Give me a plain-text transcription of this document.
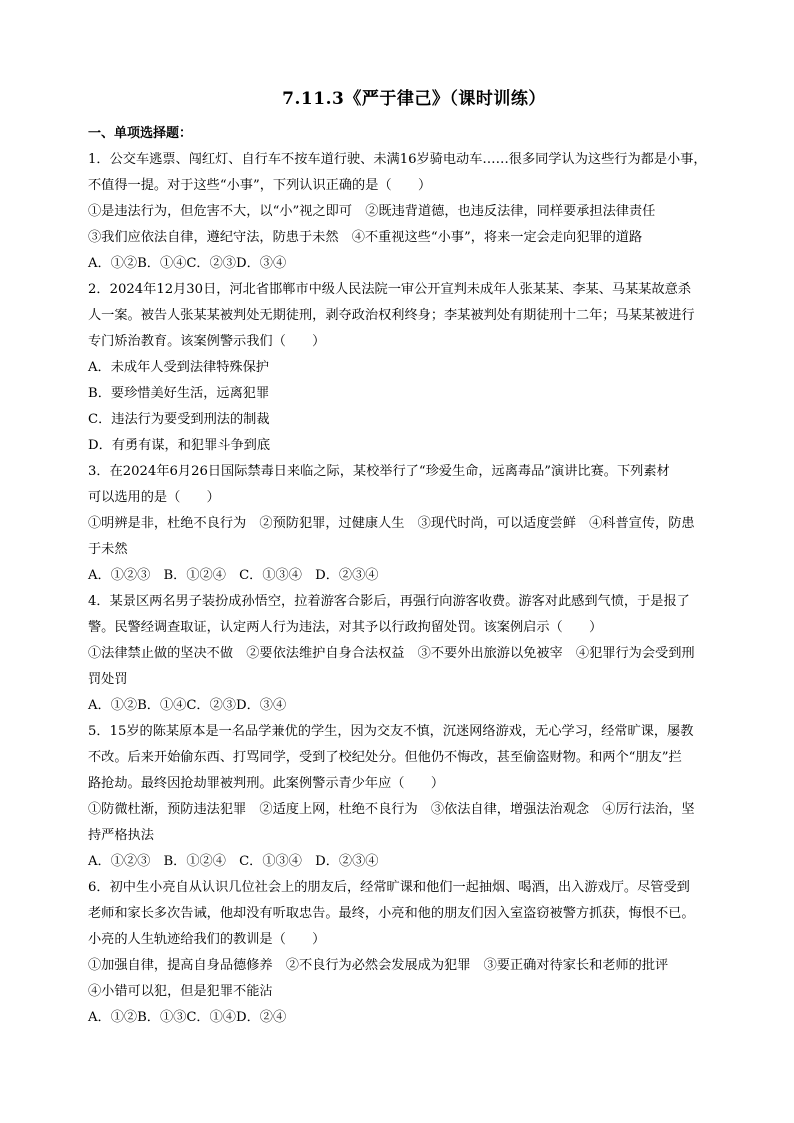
7.11.3《严于律己》（课时训练）
一、单项选择题：

1．公交车逃票、闯红灯、自行车不按车道行驶、未满16岁骑电动车……很多同学认为这些行为都是小事，

不值得一提。对于这些“小事”，下列认识正确的是（　　）

①是违法行为，但危害不大，以“小”视之即可　②既违背道德，也违反法律，同样要承担法律责任

③我们应依法自律，遵纪守法，防患于未然　④不重视这些“小事”，将来一定会走向犯罪的道路

A．①②B．①④C．②③D．③④

2．2024年12月30日，河北省邯郸市中级人民法院一审公开宣判未成年人张某某、李某、马某某故意杀

人一案。被告人张某某被判处无期徒刑，剥夺政治权利终身；李某被判处有期徒刑十二年；马某某被进行

专门矫治教育。该案例警示我们（　　）

A．未成年人受到法律特殊保护

B．要珍惜美好生活，远离犯罪

C．违法行为要受到刑法的制裁

D．有勇有谋，和犯罪斗争到底

3．在2024年6月26日国际禁毒日来临之际，某校举行了“珍爱生命，远离毒品”演讲比赛。下列素材

可以选用的是（　　）

①明辨是非，杜绝不良行为　②预防犯罪，过健康人生　③现代时尚，可以适度尝鲜　④科普宣传，防患

于未然

A．①②③　B．①②④　C．①③④　D．②③④

4．某景区两名男子装扮成孙悟空，拉着游客合影后，再强行向游客收费。游客对此感到气愤，于是报了

警。民警经调查取证，认定两人行为违法，对其予以行政拘留处罚。该案例启示（　　）

①法律禁止做的坚决不做　②要依法维护自身合法权益　③不要外出旅游以免被宰　④犯罪行为会受到刑

罚处罚

A．①②B．①④C．②③D．③④

5．15岁的陈某原本是一名品学兼优的学生，因为交友不慎，沉迷网络游戏，无心学习，经常旷课，屡教

不改。后来开始偷东西、打骂同学，受到了校纪处分。但他仍不悔改，甚至偷盗财物。和两个“朋友”拦

路抢劫。最终因抢劫罪被判刑。此案例警示青少年应（　　）

①防微杜渐，预防违法犯罪　②适度上网，杜绝不良行为　③依法自律，增强法治观念　④厉行法治，坚

持严格执法

A．①②③　B．①②④　C．①③④　D．②③④

6．初中生小亮自从认识几位社会上的朋友后，经常旷课和他们一起抽烟、喝酒，出入游戏厅。尽管受到

老师和家长多次告诫，他却没有听取忠告。最终，小亮和他的朋友们因入室盗窃被警方抓获，悔恨不已。

小亮的人生轨迹给我们的教训是（　　）

①加强自律，提高自身品德修养　②不良行为必然会发展成为犯罪　③要正确对待家长和老师的批评

④小错可以犯，但是犯罪不能沾

A．①②B．①③C．①④D．②④
